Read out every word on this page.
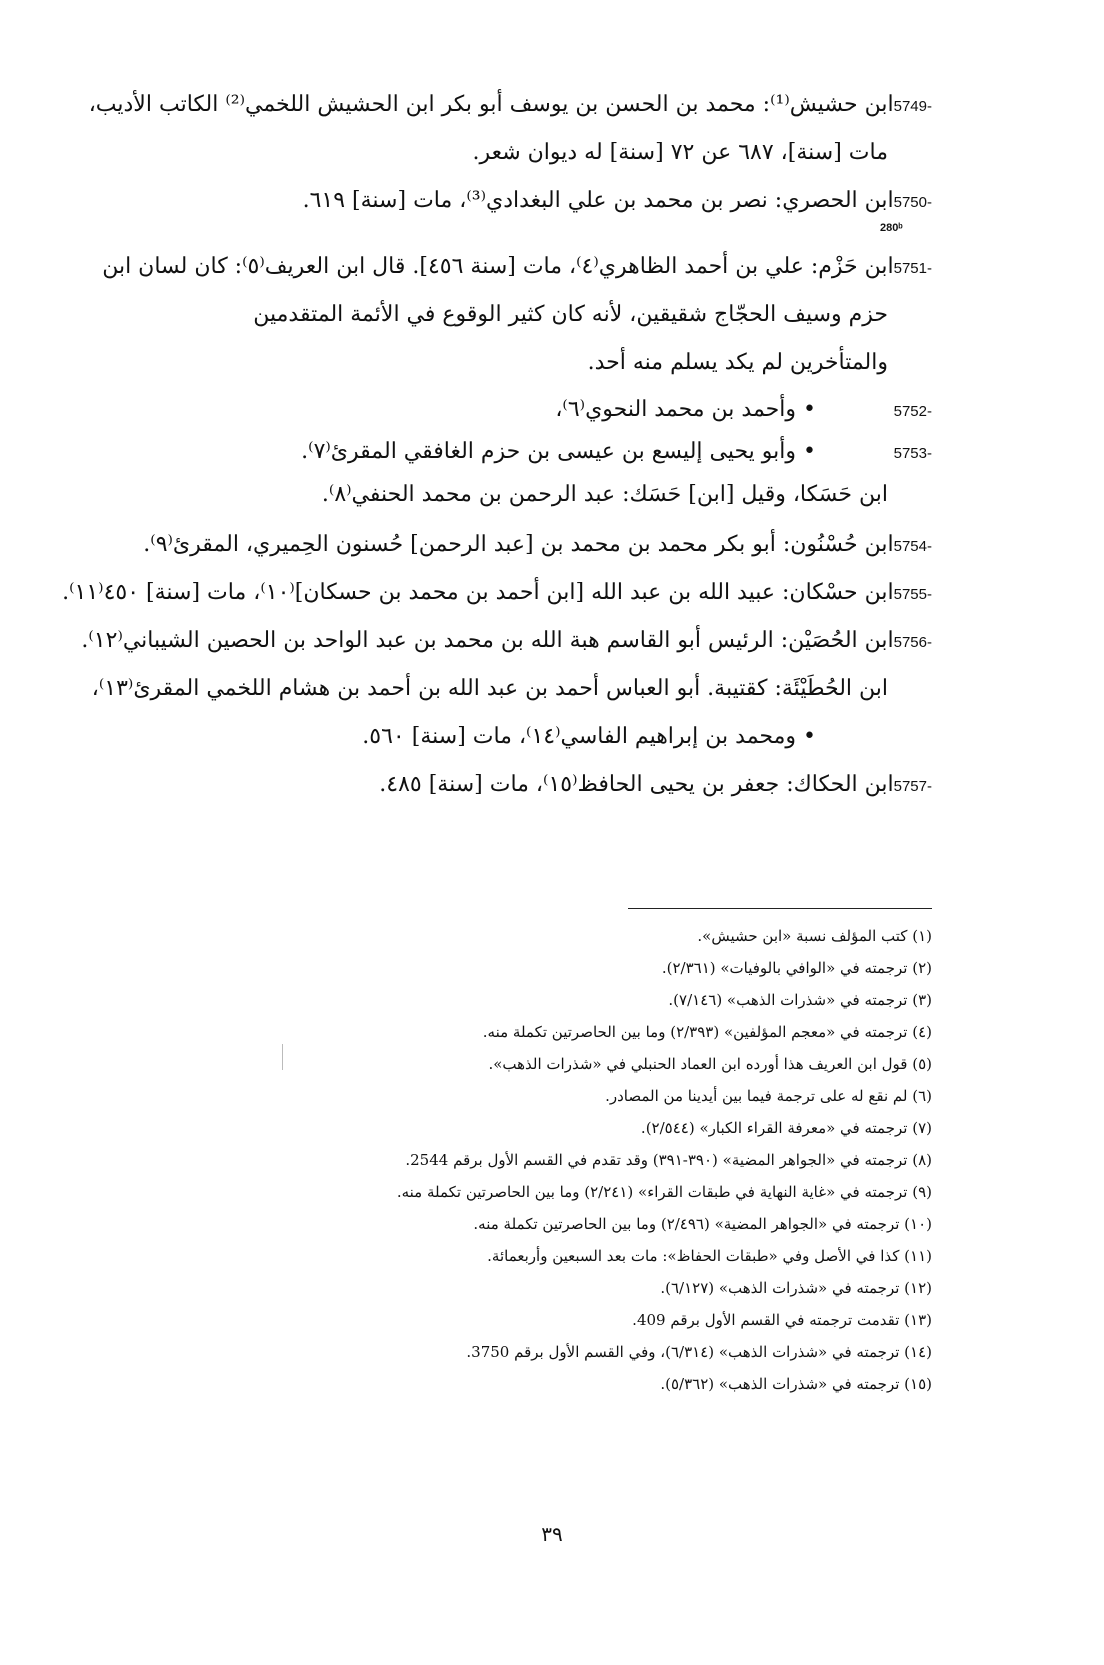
5749-ابن حشيش⁽¹⁾: محمد بن الحسن بن يوسف أبو بكر ابن الحشيش اللخمي⁽²⁾ الكاتب الأديب،
مات [سنة]، ٦٨٧ عن ٧٢ [سنة] له ديوان شعر.
5750-ابن الحصري: نصر بن محمد بن علي البغدادي⁽³⁾، مات [سنة] ٦١٩.
280ᵇ
5751-ابن حَزْم: علي بن أحمد الظاهري⁽٤⁾، مات [سنة ٤٥٦]. قال ابن العريف⁽٥⁾: كان لسان ابن
حزم وسيف الحجّاج شقيقين، لأنه كان كثير الوقوع في الأئمة المتقدمين
والمتأخرين لم يكد يسلم منه أحد.
5752-• وأحمد بن محمد النحوي⁽٦⁾،
5753-• وأبو يحيى إليسع بن عيسى بن حزم الغافقي المقرئ⁽٧⁾.
ابن حَسَكا، وقيل [ابن] حَسَك: عبد الرحمن بن محمد الحنفي⁽٨⁾.
5754-ابن حُسْنُون: أبو بكر محمد بن محمد بن [عبد الرحمن] حُسنون الحِميري، المقرئ⁽٩⁾.
5755-ابن حسْكان: عبيد الله بن عبد الله [ابن أحمد بن محمد بن حسكان]⁽١٠⁾، مات [سنة] ٤٥٠⁽١١⁾.
5756-ابن الحُصَيْن: الرئيس أبو القاسم هبة الله بن محمد بن عبد الواحد بن الحصين الشيباني⁽١٢⁾.
ابن الحُطَيْئَة: كقتيبة. أبو العباس أحمد بن عبد الله بن أحمد بن هشام اللخمي المقرئ⁽١٣⁾،
• ومحمد بن إبراهيم الفاسي⁽١٤⁾، مات [سنة] ٥٦٠.
5757-ابن الحكاك: جعفر بن يحيى الحافظ⁽١٥⁾، مات [سنة] ٤٨٥.
(١) كتب المؤلف نسبة «ابن حشيش».
(٢) ترجمته في «الوافي بالوفيات» (٢/٣٦١).
(٣) ترجمته في «شذرات الذهب» (٧/١٤٦).
(٤) ترجمته في «معجم المؤلفين» (٢/٣٩٣) وما بين الحاصرتين تكملة منه.
(٥) قول ابن العريف هذا أورده ابن العماد الحنبلي في «شذرات الذهب».
(٦) لم نقع له على ترجمة فيما بين أيدينا من المصادر.
(٧) ترجمته في «معرفة القراء الكبار» (٢/٥٤٤).
(٨) ترجمته في «الجواهر المضية» (٣٩٠-٣٩١) وقد تقدم في القسم الأول برقم 2544.
(٩) ترجمته في «غاية النهاية في طبقات القراء» (٢/٢٤١) وما بين الحاصرتين تكملة منه.
(١٠) ترجمته في «الجواهر المضية» (٢/٤٩٦) وما بين الحاصرتين تكملة منه.
(١١) كذا في الأصل وفي «طبقات الحفاظ»: مات بعد السبعين وأربعمائة.
(١٢) ترجمته في «شذرات الذهب» (٦/١٢٧).
(١٣) تقدمت ترجمته في القسم الأول برقم 409.
(١٤) ترجمته في «شذرات الذهب» (٦/٣١٤)، وفي القسم الأول برقم 3750.
(١٥) ترجمته في «شذرات الذهب» (٥/٣٦٢).
٣٩
